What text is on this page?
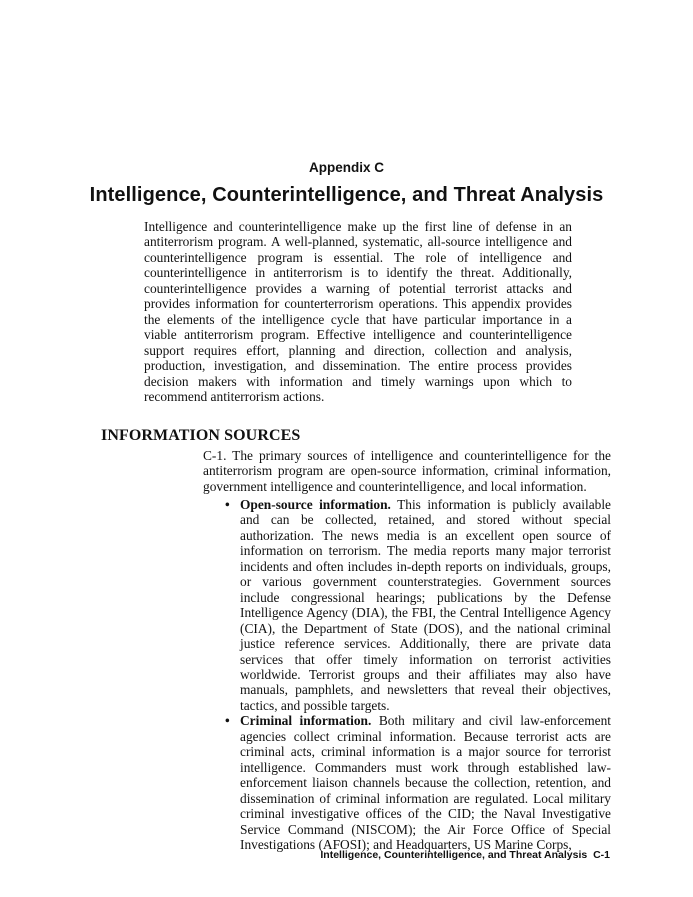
Appendix C
Intelligence, Counterintelligence, and Threat Analysis

Intelligence and counterintelligence make up the first line of defense in an antiterrorism program. A well-planned, systematic, all-source intelligence and counterintelligence program is essential. The role of intelligence and counterintelligence in antiterrorism is to identify the threat. Additionally, counterintelligence provides a warning of potential terrorist attacks and provides information for counterterrorism operations. This appendix provides the elements of the intelligence cycle that have particular importance in a viable antiterrorism program. Effective intelligence and counterintelligence support requires effort, planning and direction, collection and analysis, production, investigation, and dissemination. The entire process provides decision makers with information and timely warnings upon which to recommend antiterrorism actions.

INFORMATION SOURCES

C-1. The primary sources of intelligence and counterintelligence for the antiterrorism program are open-source information, criminal information, government intelligence and counterintelligence, and local information.

• Open-source information. This information is publicly available and can be collected, retained, and stored without special authorization. The news media is an excellent open source of information on terrorism. The media reports many major terrorist incidents and often includes in-depth reports on individuals, groups, or various government counterstrategies. Government sources include congressional hearings; publications by the Defense Intelligence Agency (DIA), the FBI, the Central Intelligence Agency (CIA), the Department of State (DOS), and the national criminal justice reference services. Additionally, there are private data services that offer timely information on terrorist activities worldwide. Terrorist groups and their affiliates may also have manuals, pamphlets, and newsletters that reveal their objectives, tactics, and possible targets.
• Criminal information. Both military and civil law-enforcement agencies collect criminal information. Because terrorist acts are criminal acts, criminal information is a major source for terrorist intelligence. Commanders must work through established law-enforcement liaison channels because the collection, retention, and dissemination of criminal information are regulated. Local military criminal investigative offices of the CID; the Naval Investigative Service Command (NISCOM); the Air Force Office of Special Investigations (AFOSI); and Headquarters, US Marine Corps,
Intelligence, Counterintelligence, and Threat Analysis C-1
